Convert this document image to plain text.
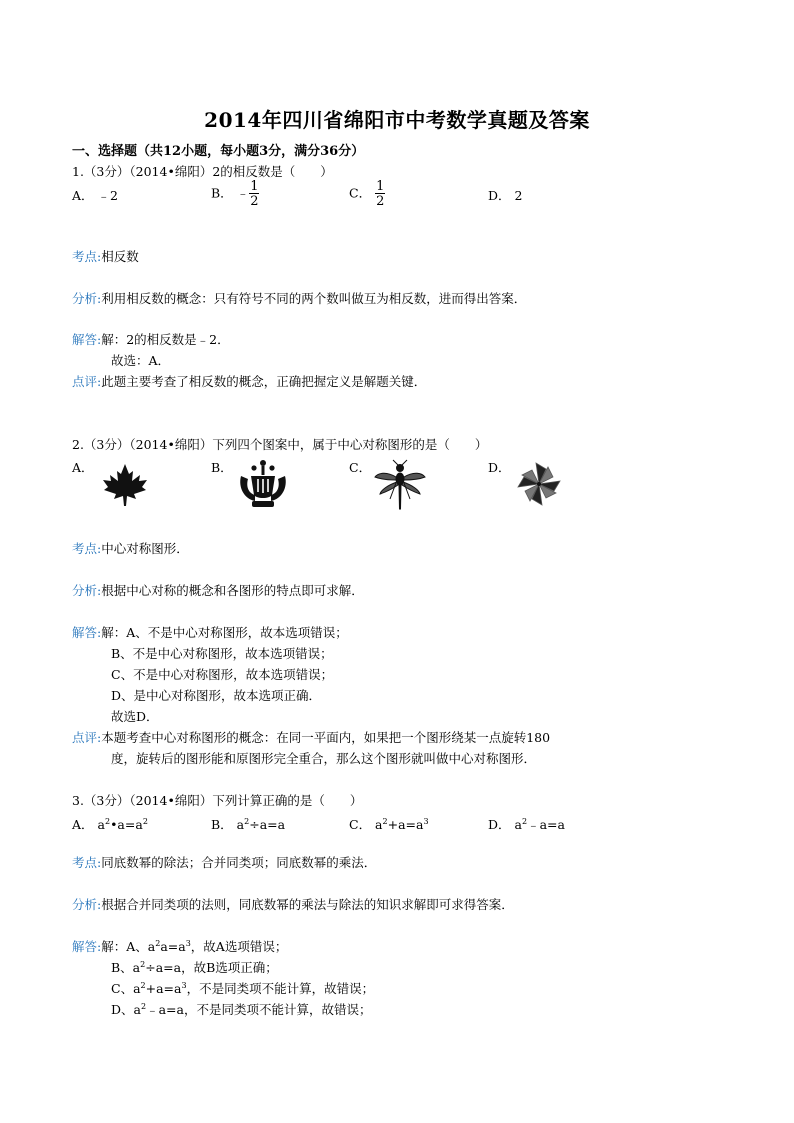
2014年四川省绵阳市中考数学真题及答案
一、选择题（共12小题，每小题3分，满分36分）
1.（3分）（2014•绵阳）2的相反数是（　　）
A． ﹣2	B． ﹣ $\frac{1}{2}$	C． $\frac{1}{2}$	D． 2
考点:相反数
分析:利用相反数的概念：只有符号不同的两个数叫做互为相反数，进而得出答案．
解答:解：2的相反数是﹣2．
故选：A．
点评:此题主要考查了相反数的概念，正确把握定义是解题关键．
2.（3分）（2014•绵阳）下列四个图案中，属于中心对称图形的是（　　）
A．	B．	C．	D．
考点:中心对称图形．
分析:根据中心对称的概念和各图形的特点即可求解．
解答:解：A、不是中心对称图形，故本选项错误；
B、不是中心对称图形，故本选项错误；
C、不是中心对称图形，故本选项错误；
D、是中心对称图形，故本选项正确．
故选D．
点评:本题考查中心对称图形的概念：在同一平面内，如果把一个图形绕某一点旋转180
度，旋转后的图形能和原图形完全重合，那么这个图形就叫做中心对称图形．
3.（3分）（2014•绵阳）下列计算正确的是（　　）
A． $a^2•a=a^2$	B． $a^2\div a=a$	C． $a^2+a=a^3$	D． $a^2﹣a=a$
考点:同底数幂的除法；合并同类项；同底数幂的乘法．
分析:根据合并同类项的法则，同底数幂的乘法与除法的知识求解即可求得答案．
解答:解：A、$a^2a=a^3$，故A选项错误；
B、$a^2\div a=a$，故B选项正确；
C、$a^2+a=a^3$，不是同类项不能计算，故错误；
D、$a^2﹣a=a$，不是同类项不能计算，故错误；
